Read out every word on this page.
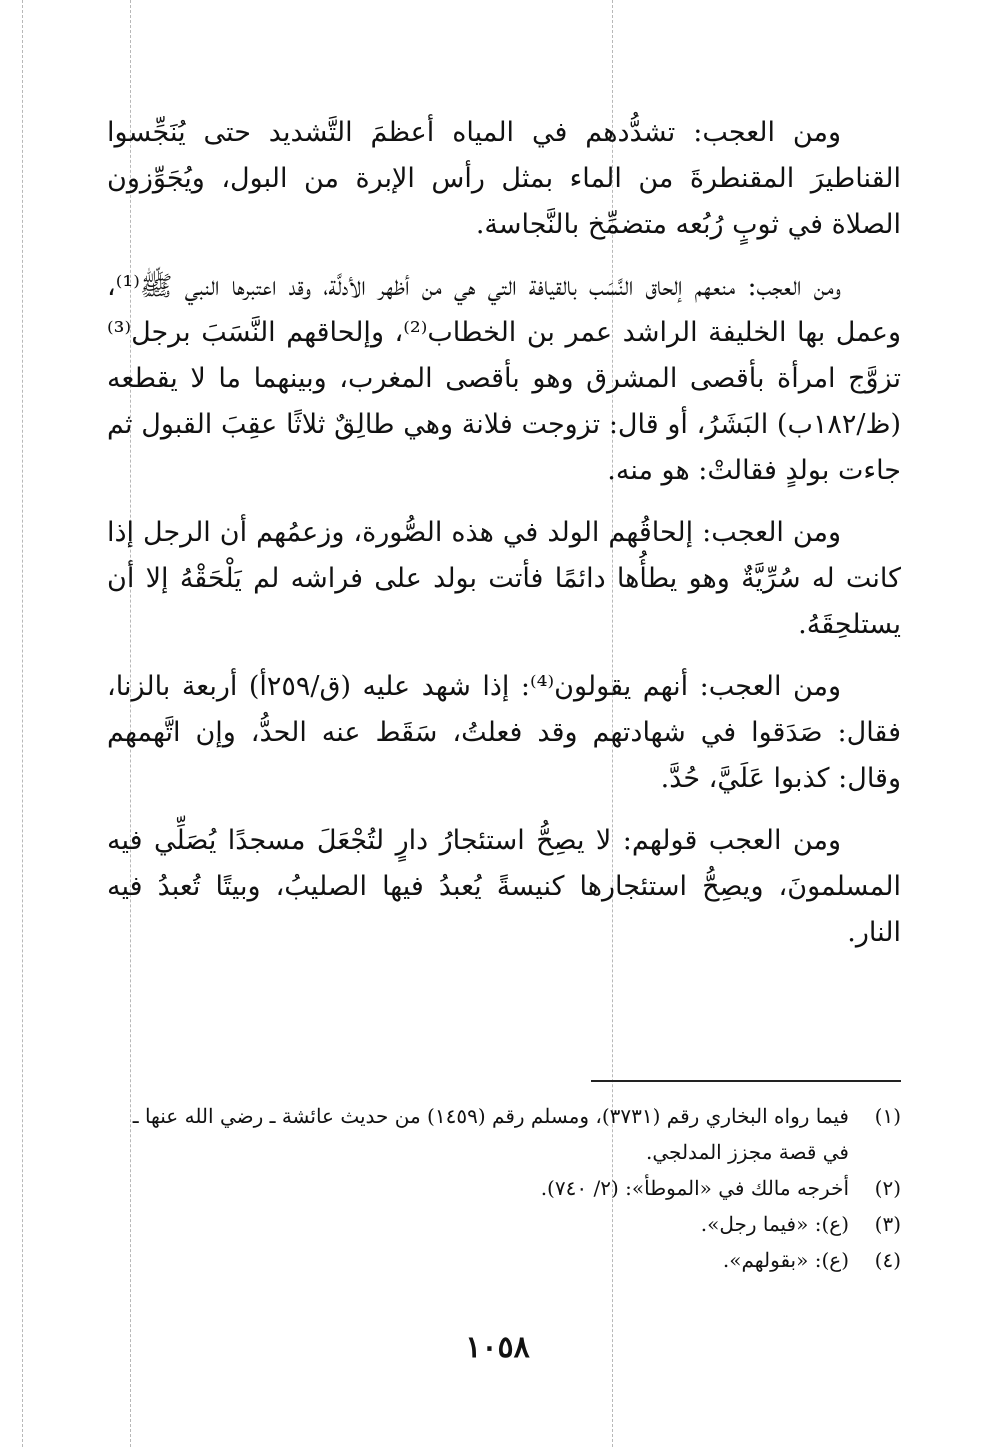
ومن العجب: تشدُّدهم في المياه أعظمَ التَّشديد حتى يُنَجِّسوا القناطيرَ المقنطرةَ من الماء بمثل رأس الإبرة من البول، ويُجَوِّزون الصلاة في ثوبٍ رُبُعه متضمِّخ بالنَّجاسة.

ومن العجب: منعهم إلحاق النَّسَب بالقيافة التي هي من أظهر الأدلَّة، وقد اعتبرها النبي ﷺ⁽¹⁾، وعمل بها الخليفة الراشد عمر بن الخطاب⁽²⁾، وإلحاقهم النَّسَبَ برجل⁽³⁾ تزوَّج امرأة بأقصى المشرق وهو بأقصى المغرب، وبينهما ما لا يقطعه (ظ/١٨٢ب) البَشَرُ، أو قال: تزوجت فلانة وهي طالِقٌ ثلاثًا عقِبَ القبول ثم جاءت بولدٍ فقالتْ: هو منه.

ومن العجب: إلحاقُهم الولد في هذه الصُّورة، وزعمُهم أن الرجل إذا كانت له سُرِّيَّةٌ وهو يطأُها دائمًا فأتت بولد على فراشه لم يَلْحَقْهُ إلا أن يستلحِقَهُ.

ومن العجب: أنهم يقولون⁽⁴⁾: إذا شهد عليه (ق/٢٥٩أ) أربعة بالزنا، فقال: صَدَقوا في شهادتهم وقد فعلتُ، سَقَط عنه الحدُّ، وإن اتَّهمهم وقال: كذبوا عَلَيَّ، حُدَّ.

ومن العجب قولهم: لا يصِحُّ استئجارُ دارٍ لتُجْعَلَ مسجدًا يُصَلِّي فيه المسلمونَ، ويصِحُّ استئجارها كنيسةً يُعبدُ فيها الصليبُ، وبيتًا تُعبدُ فيه النار.

(١)
فيما رواه البخاري رقم (٣٧٣١)، ومسلم رقم (١٤٥٩) من حديث عائشة ـ رضي الله عنها ـ في قصة مجزز المدلجي.

(٢)
أخرجه مالك في «الموطأ»: (٢/ ٧٤٠).

(٣)
(ع): «فيما رجل».

(٤)
(ع): «بقولهم».

١٠٥٨
